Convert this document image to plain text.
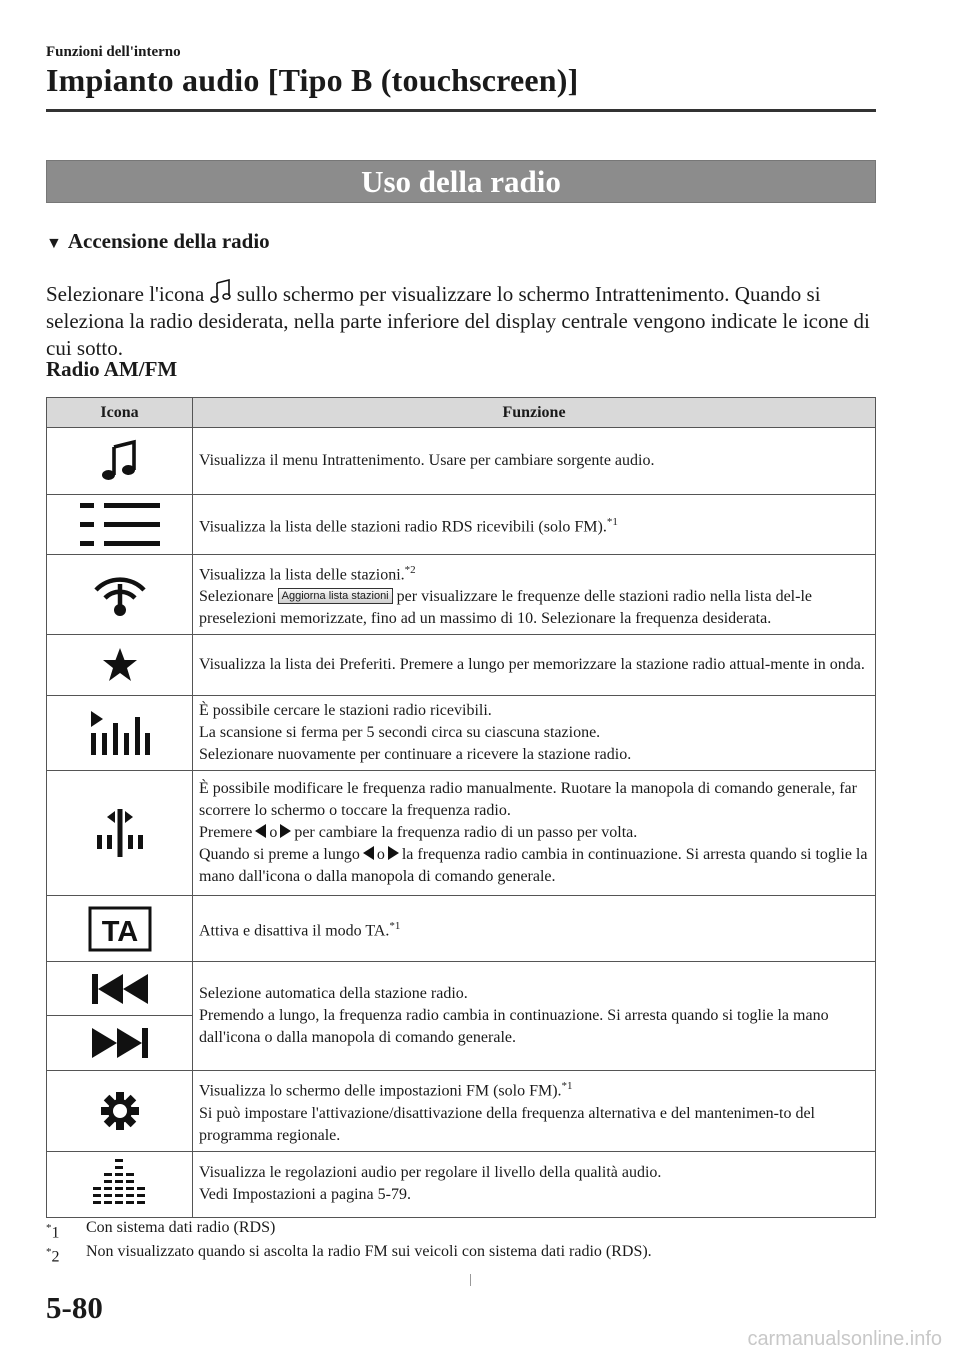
Funzioni dell'interno
Impianto audio [Tipo B (touchscreen)]
Uso della radio
▼ Accensione della radio
Selezionare l'icona  sullo schermo per visualizzare lo schermo Intrattenimento. Quando si seleziona la radio desiderata, nella parte inferiore del display centrale vengono indicate le icone di cui sotto.
Radio AM/FM
Icona	Funzione

	Visualizza il menu Intrattenimento. Usare per cambiare sorgente audio.

	Visualizza la lista delle stazioni radio RDS ricevibili (solo FM).$^{*1}$

Visualizza la lista delle stazioni.$^{*2}$
Selezionare Aggiorna lista stazioni per visualizzare le frequenze delle stazioni radio nella lista del-le preselezioni memorizzate, fino ad un massimo di 10. Selezionare la frequenza desiderata.

	Visualizza la lista dei Preferiti. Premere a lungo per memorizzare la stazione radio attual-mente in onda.

È possibile cercare le stazioni radio ricevibili.
La scansione si ferma per 5 secondi circa su ciascuna stazione.
Selezionare nuovamente per continuare a ricevere la stazione radio.

È possibile modificare le frequenza radio manualmente. Ruotare la manopola di comando generale, far scorrere lo schermo o toccare la frequenza radio.
Premere o per cambiare la frequenza radio di un passo per volta.
Quando si preme a lungo o la frequenza radio cambia in continuazione. Si arresta quando si toglie la mano dall'icona o dalla manopola di comando generale.

TA	Attiva e disattiva il modo TA.$^{*1}$

Selezione automatica della stazione radio.
Premendo a lungo, la frequenza radio cambia in continuazione. Si arresta quando si toglie la mano dall'icona o dalla manopola di comando generale.

Visualizza lo schermo delle impostazioni FM (solo FM).$^{*1}$
Si può impostare l'attivazione/disattivazione della frequenza alternativa e del mantenimen-to del programma regionale.

Visualizza le regolazioni audio per regolare il livello della qualità audio.
Vedi Impostazioni a pagina 5-79.
*1 Con sistema dati radio (RDS)
*2 Non visualizzato quando si ascolta la radio FM sui veicoli con sistema dati radio (RDS).
5-80
carmanualsonline.info
